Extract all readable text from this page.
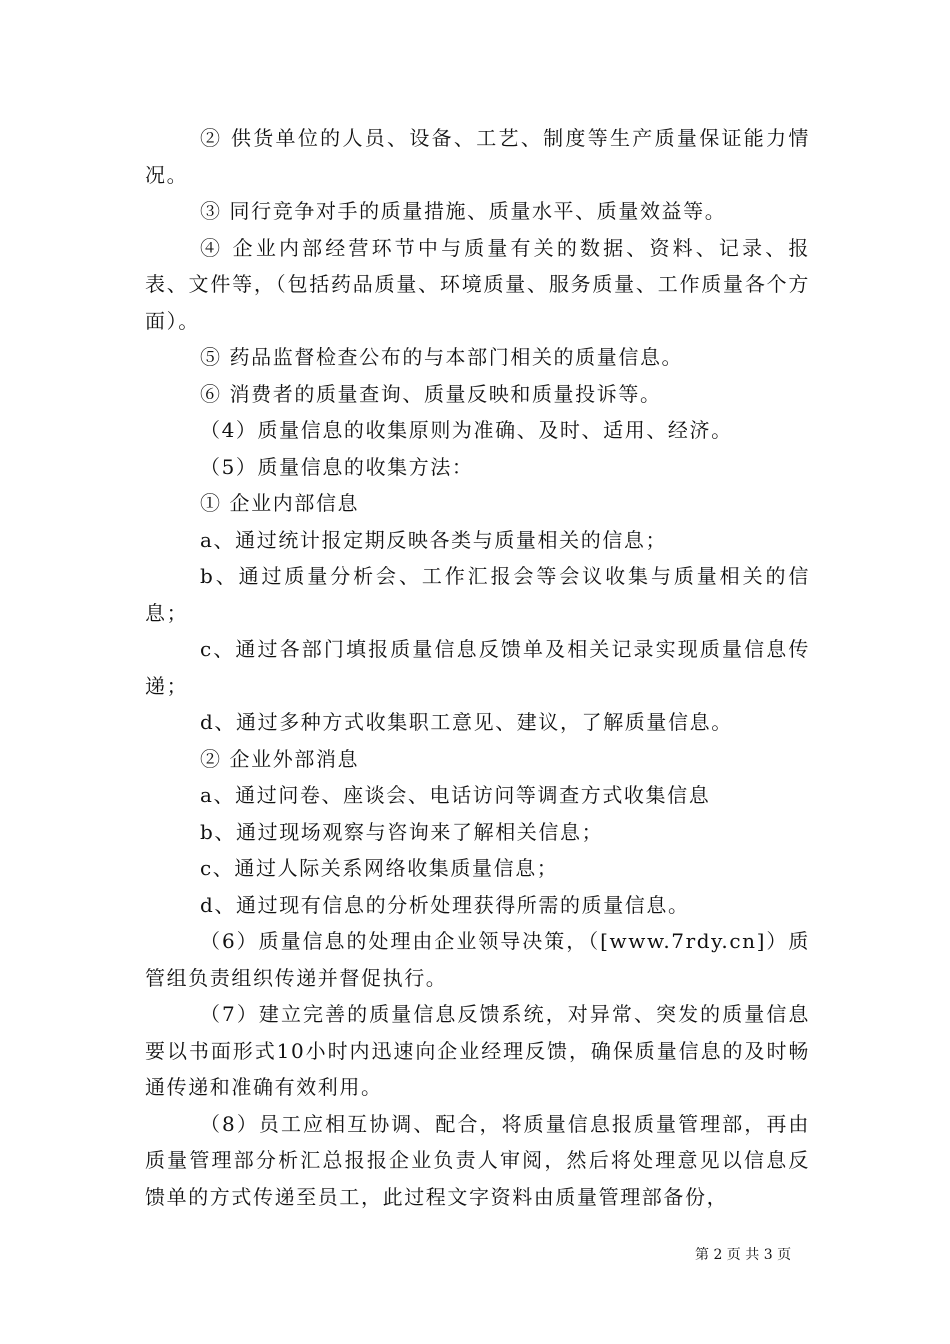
② 供货单位的人员、设备、工艺、制度等生产质量保证能力情况。

③ 同行竞争对手的质量措施、质量水平、质量效益等。

④ 企业内部经营环节中与质量有关的数据、资料、记录、报表、文件等，（包括药品质量、环境质量、服务质量、工作质量各个方面）。

⑤ 药品监督检查公布的与本部门相关的质量信息。

⑥ 消费者的质量查询、质量反映和质量投诉等。

（4）质量信息的收集原则为准确、及时、适用、经济。

（5）质量信息的收集方法：

① 企业内部信息

a、通过统计报定期反映各类与质量相关的信息；

b、通过质量分析会、工作汇报会等会议收集与质量相关的信息；

c、通过各部门填报质量信息反馈单及相关记录实现质量信息传递；

d、通过多种方式收集职工意见、建议，了解质量信息。

② 企业外部消息

a、通过问卷、座谈会、电话访问等调查方式收集信息

b、通过现场观察与咨询来了解相关信息；

c、通过人际关系网络收集质量信息；

d、通过现有信息的分析处理获得所需的质量信息。

（6）质量信息的处理由企业领导决策，（[www.7rdy.cn]）质管组负责组织传递并督促执行。

（7）建立完善的质量信息反馈系统，对异常、突发的质量信息要以书面形式10小时内迅速向企业经理反馈，确保质量信息的及时畅通传递和准确有效利用。

（8）员工应相互协调、配合，将质量信息报质量管理部，再由质量管理部分析汇总报报企业负责人审阅，然后将处理意见以信息反馈单的方式传递至员工，此过程文字资料由质量管理部备份，

第 2 页 共 3 页
